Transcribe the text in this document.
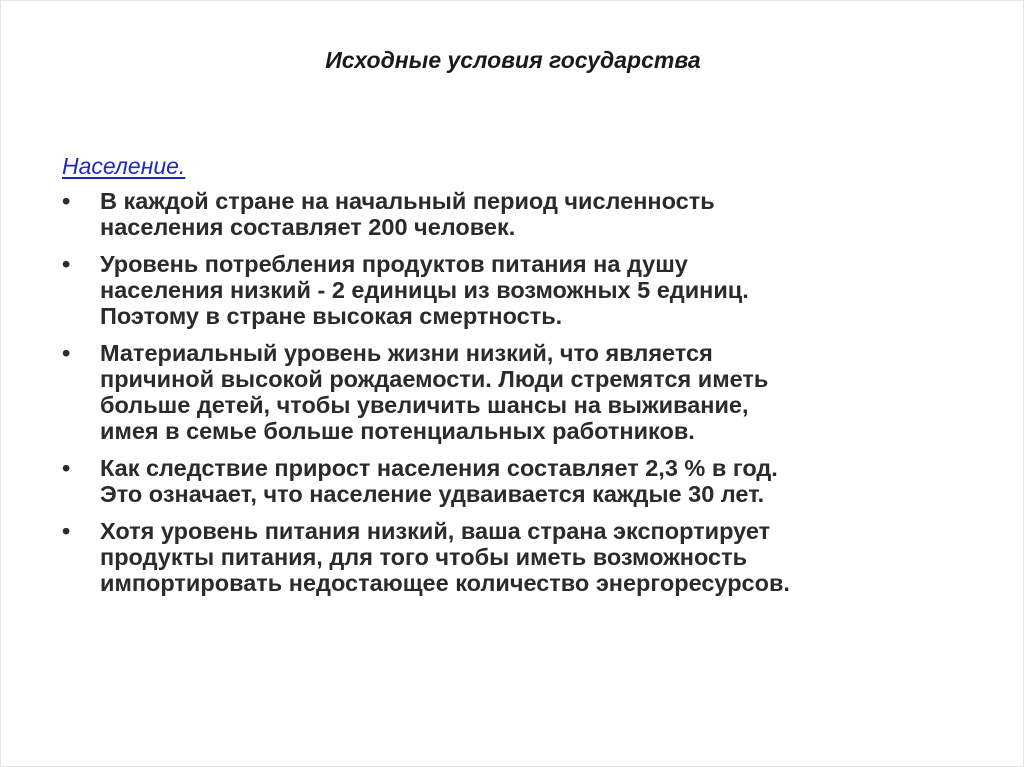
Исходные условия государства
Население.
•	В каждой стране на начальный период численность
населения составляет 200 человек.
•	Уровень потребления продуктов питания на душу
населения низкий - 2 единицы из возможных 5 единиц.
Поэтому в стране высокая смертность.
•	Материальный уровень жизни низкий, что является
причиной высокой рождаемости. Люди стремятся иметь
больше детей, чтобы увеличить шансы на выживание,
имея в семье больше потенциальных работников.
•	Как следствие прирост населения составляет 2,3 % в год.
Это означает, что население удваивается каждые 30 лет.
•	Хотя уровень питания низкий, ваша страна экспортирует
продукты питания, для того чтобы иметь возможность
импортировать недостающее количество энергоресурсов.
